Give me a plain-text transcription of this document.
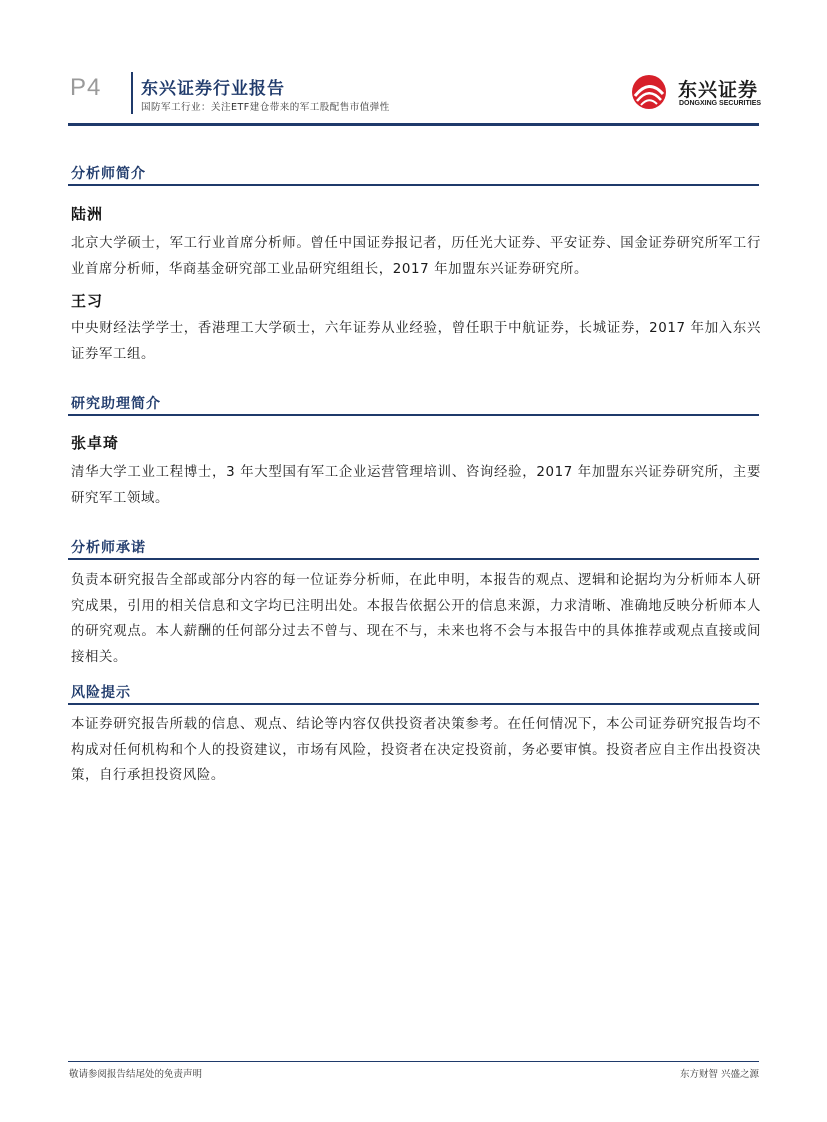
P4 东兴证券行业报告
国防军工行业：关注ETF建仓带来的军工股配售市值弹性
东兴证券
DONGXING SECURITIES
分析师简介
陆洲
北京大学硕士，军工行业首席分析师。曾任中国证券报记者，历任光大证券、平安证券、国金证券研究所军工行业首席分析师，华商基金研究部工业品研究组组长，2017 年加盟东兴证券研究所。
王习
中央财经法学学士，香港理工大学硕士，六年证券从业经验，曾任职于中航证券，长城证券，2017 年加入东兴证券军工组。
研究助理简介
张卓琦
清华大学工业工程博士，3 年大型国有军工企业运营管理培训、咨询经验，2017 年加盟东兴证券研究所，主要研究军工领域。
分析师承诺
负责本研究报告全部或部分内容的每一位证券分析师，在此申明，本报告的观点、逻辑和论据均为分析师本人研究成果，引用的相关信息和文字均已注明出处。本报告依据公开的信息来源，力求清晰、准确地反映分析师本人的研究观点。本人薪酬的任何部分过去不曾与、现在不与，未来也将不会与本报告中的具体推荐或观点直接或间接相关。
风险提示
本证券研究报告所载的信息、观点、结论等内容仅供投资者决策参考。在任何情况下，本公司证券研究报告均不构成对任何机构和个人的投资建议，市场有风险，投资者在决定投资前，务必要审慎。投资者应自主作出投资决策，自行承担投资风险。
敬请参阅报告结尾处的免责声明	东方财智 兴盛之源
